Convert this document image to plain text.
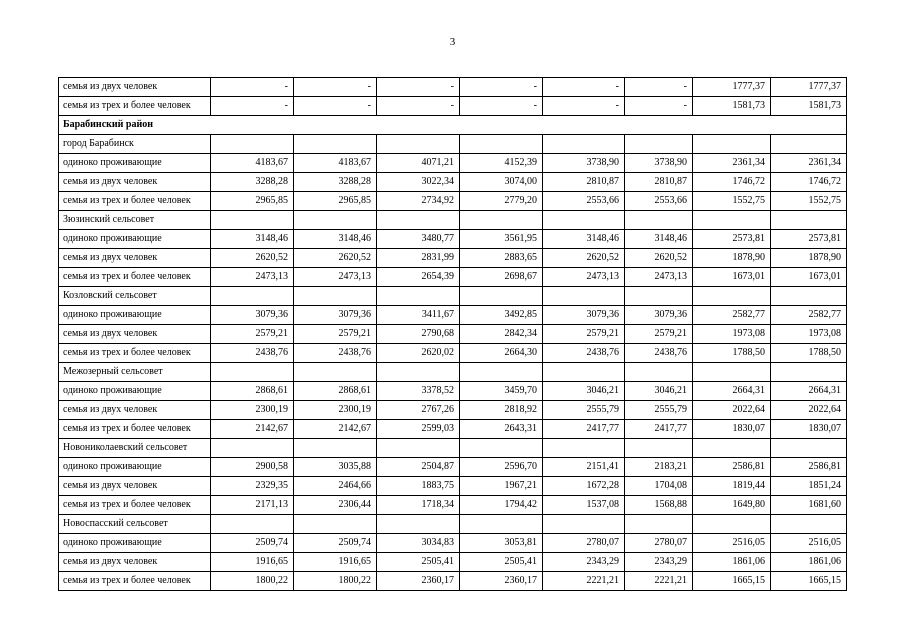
3
семья из двух человек	-	-	-	-	-	-	1777,37	1777,37
семья из трех и более человек	-	-	-	-	-	-	1581,73	1581,73
Барабинский район								
город Барабинск								
одиноко проживающие	4183,67	4183,67	4071,21	4152,39	3738,90	3738,90	2361,34	2361,34
семья из двух человек	3288,28	3288,28	3022,34	3074,00	2810,87	2810,87	1746,72	1746,72
семья из трех и более человек	2965,85	2965,85	2734,92	2779,20	2553,66	2553,66	1552,75	1552,75
Зюзинский сельсовет								
одиноко проживающие	3148,46	3148,46	3480,77	3561,95	3148,46	3148,46	2573,81	2573,81
семья из двух человек	2620,52	2620,52	2831,99	2883,65	2620,52	2620,52	1878,90	1878,90
семья из трех и более человек	2473,13	2473,13	2654,39	2698,67	2473,13	2473,13	1673,01	1673,01
Козловский сельсовет								
одиноко проживающие	3079,36	3079,36	3411,67	3492,85	3079,36	3079,36	2582,77	2582,77
семья из двух человек	2579,21	2579,21	2790,68	2842,34	2579,21	2579,21	1973,08	1973,08
семья из трех и более человек	2438,76	2438,76	2620,02	2664,30	2438,76	2438,76	1788,50	1788,50
Межозерный сельсовет								
одиноко проживающие	2868,61	2868,61	3378,52	3459,70	3046,21	3046,21	2664,31	2664,31
семья из двух человек	2300,19	2300,19	2767,26	2818,92	2555,79	2555,79	2022,64	2022,64
семья из трех и более человек	2142,67	2142,67	2599,03	2643,31	2417,77	2417,77	1830,07	1830,07
Новониколаевский сельсовет								
одиноко проживающие	2900,58	3035,88	2504,87	2596,70	2151,41	2183,21	2586,81	2586,81
семья из двух человек	2329,35	2464,66	1883,75	1967,21	1672,28	1704,08	1819,44	1851,24
семья из трех и более человек	2171,13	2306,44	1718,34	1794,42	1537,08	1568,88	1649,80	1681,60
Новоспасский сельсовет								
одиноко проживающие	2509,74	2509,74	3034,83	3053,81	2780,07	2780,07	2516,05	2516,05
семья из двух человек	1916,65	1916,65	2505,41	2505,41	2343,29	2343,29	1861,06	1861,06
семья из трех и более человек	1800,22	1800,22	2360,17	2360,17	2221,21	2221,21	1665,15	1665,15
